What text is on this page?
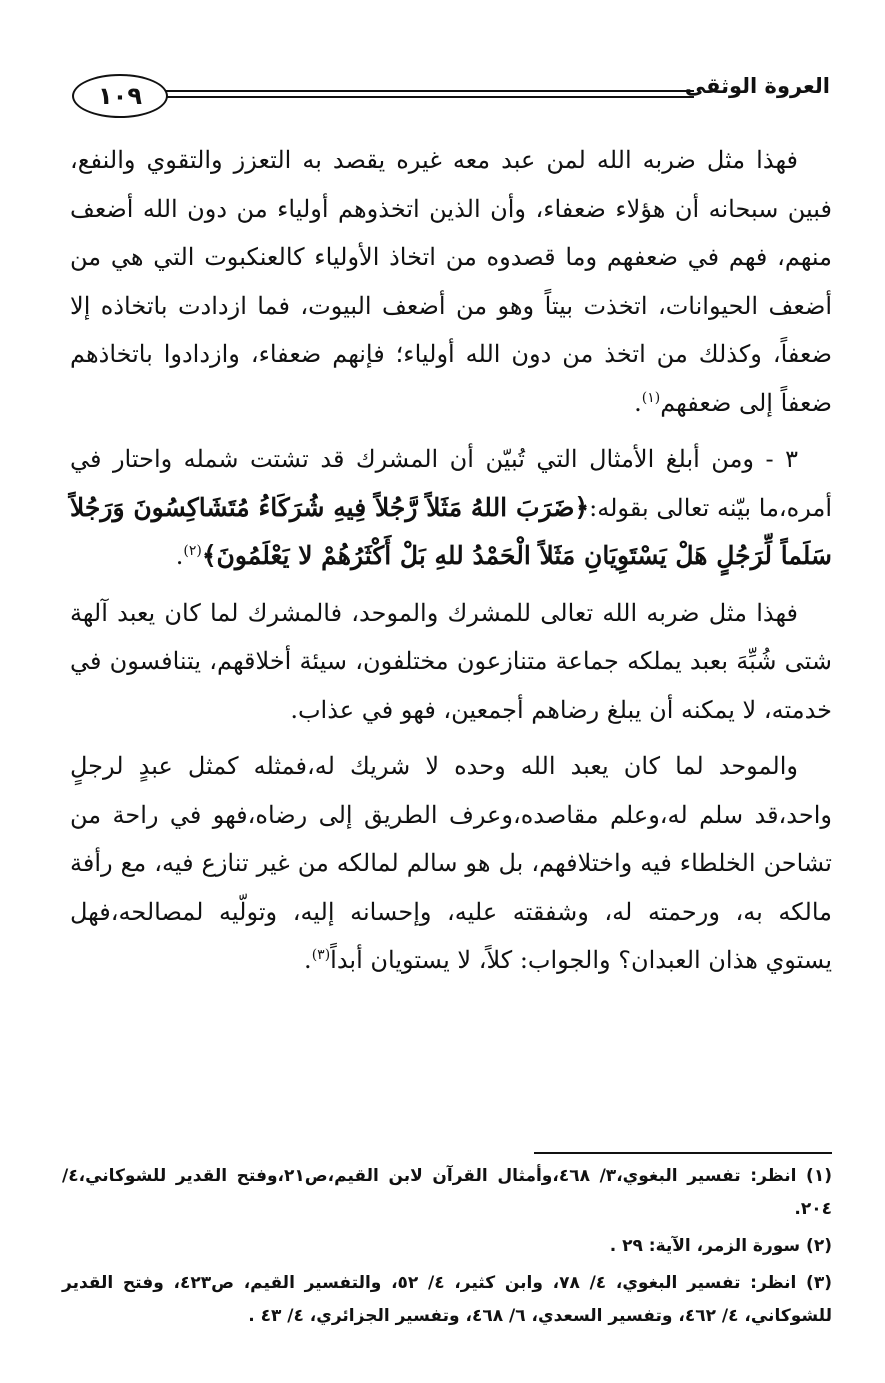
العروة الوثقى
١٠٩

فهذا مثل ضربه الله لمن عبد معه غيره يقصد به التعزز والتقوي والنفع، فبين سبحانه أن هؤلاء ضعفاء، وأن الذين اتخذوهم أولياء من دون الله أضعف منهم، فهم في ضعفهم وما قصدوه من اتخاذ الأولياء كالعنكبوت التي هي من أضعف الحيوانات، اتخذت بيتاً وهو من أضعف البيوت، فما ازدادت باتخاذه إلا ضعفاً، وكذلك من اتخذ من دون الله أولياء؛ فإنهم ضعفاء، وازدادوا باتخاذهم ضعفاً إلى ضعفهم$^{(١)}$.

٣ - ومن أبلغ الأمثال التي تُبيّن أن المشرك قد تشتت شمله واحتار في أمره،ما بيّنه تعالى بقوله:﴿ضَرَبَ اللهُ مَثَلاً رَّجُلاً فِيهِ شُرَكَاءُ مُتَشَاكِسُونَ وَرَجُلاً سَلَماً لِّرَجُلٍ هَلْ يَسْتَوِيَانِ مَثَلاً الْحَمْدُ للهِ بَلْ أَكْثَرُهُمْ لا يَعْلَمُونَ﴾$^{(٢)}$.

فهذا مثل ضربه الله تعالى للمشرك والموحد، فالمشرك لما كان يعبد آلهة شتى شُبِّهَ بعبد يملكه جماعة متنازعون مختلفون، سيئة أخلاقهم، يتنافسون في خدمته، لا يمكنه أن يبلغ رضاهم أجمعين، فهو في عذاب.

والموحد لما كان يعبد الله وحده لا شريك له،فمثله كمثل عبدٍ لرجلٍ واحد،قد سلم له،وعلم مقاصده،وعرف الطريق إلى رضاه،فهو في راحة من تشاحن الخلطاء فيه واختلافهم، بل هو سالم لمالكه من غير تنازع فيه، مع رأفة مالكه به، ورحمته له، وشفقته عليه، وإحسانه إليه، وتولّيه لمصالحه،فهل يستوي هذان العبدان؟ والجواب: كلاً، لا يستويان أبداً$^{(٣)}$.

(١) انظر: تفسير البغوي،٣/ ٤٦٨،وأمثال القرآن لابن القيم،ص٢١،وفتح القدير للشوكاني،٤/ ٢٠٤.

(٢) سورة الزمر، الآية: ٢٩ .

(٣) انظر: تفسير البغوي، ٤/ ٧٨، وابن كثير، ٤/ ٥٢، والتفسير القيم، ص٤٢٣، وفتح القدير للشوكاني، ٤/ ٤٦٢، وتفسير السعدي، ٦/ ٤٦٨، وتفسير الجزائري، ٤/ ٤٣ .
